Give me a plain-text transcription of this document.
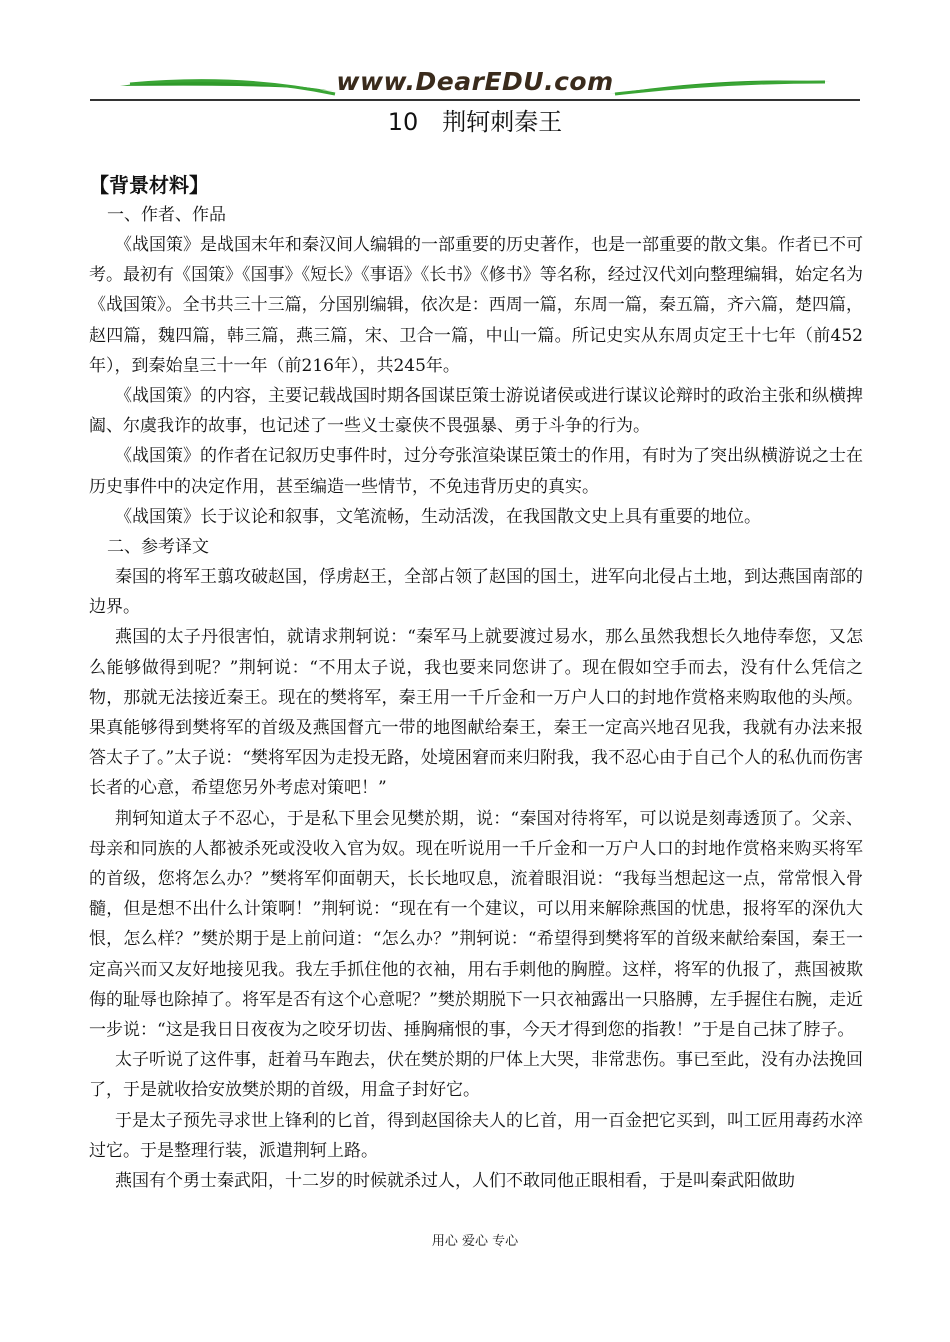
www.DearEDU.com
10　荆轲刺秦王
【背景材料】
一、作者、作品

《战国策》是战国末年和秦汉间人编辑的一部重要的历史著作，也是一部重要的散文集。作者已不可考。最初有《国策》《国事》《短长》《事语》《长书》《修书》等名称，经过汉代刘向整理编辑，始定名为《战国策》。全书共三十三篇，分国别编辑，依次是：西周一篇，东周一篇，秦五篇，齐六篇，楚四篇，赵四篇，魏四篇，韩三篇，燕三篇，宋、卫合一篇，中山一篇。所记史实从东周贞定王十七年（前452年），到秦始皇三十一年（前216年），共245年。

《战国策》的内容，主要记载战国时期各国谋臣策士游说诸侯或进行谋议论辩时的政治主张和纵横捭阖、尔虞我诈的故事，也记述了一些义士豪侠不畏强暴、勇于斗争的行为。

《战国策》的作者在记叙历史事件时，过分夸张渲染谋臣策士的作用，有时为了突出纵横游说之士在历史事件中的决定作用，甚至编造一些情节，不免违背历史的真实。

《战国策》长于议论和叙事，文笔流畅，生动活泼，在我国散文史上具有重要的地位。

二、参考译文

秦国的将军王翦攻破赵国，俘虏赵王，全部占领了赵国的国土，进军向北侵占土地，到达燕国南部的边界。

燕国的太子丹很害怕，就请求荆轲说：“秦军马上就要渡过易水，那么虽然我想长久地侍奉您，又怎么能够做得到呢？”荆轲说：“不用太子说，我也要来同您讲了。现在假如空手而去，没有什么凭信之物，那就无法接近秦王。现在的樊将军，秦王用一千斤金和一万户人口的封地作赏格来购取他的头颅。果真能够得到樊将军的首级及燕国督亢一带的地图献给秦王，秦王一定高兴地召见我，我就有办法来报答太子了。”太子说：“樊将军因为走投无路，处境困窘而来归附我，我不忍心由于自己个人的私仇而伤害长者的心意，希望您另外考虑对策吧！”

荆轲知道太子不忍心，于是私下里会见樊於期，说：“秦国对待将军，可以说是刻毒透顶了。父亲、母亲和同族的人都被杀死或没收入官为奴。现在听说用一千斤金和一万户人口的封地作赏格来购买将军的首级，您将怎么办？”樊将军仰面朝天，长长地叹息，流着眼泪说：“我每当想起这一点，常常恨入骨髓，但是想不出什么计策啊！”荆轲说：“现在有一个建议，可以用来解除燕国的忧患，报将军的深仇大恨，怎么样？”樊於期于是上前问道：“怎么办？”荆轲说：“希望得到樊将军的首级来献给秦国，秦王一定高兴而又友好地接见我。我左手抓住他的衣袖，用右手刺他的胸膛。这样，将军的仇报了，燕国被欺侮的耻辱也除掉了。将军是否有这个心意呢？”樊於期脱下一只衣袖露出一只胳膊，左手握住右腕，走近一步说：“这是我日日夜夜为之咬牙切齿、捶胸痛恨的事，今天才得到您的指教！”于是自己抹了脖子。

太子听说了这件事，赶着马车跑去，伏在樊於期的尸体上大哭，非常悲伤。事已至此，没有办法挽回了，于是就收拾安放樊於期的首级，用盒子封好它。

于是太子预先寻求世上锋利的匕首，得到赵国徐夫人的匕首，用一百金把它买到，叫工匠用毒药水淬过它。于是整理行装，派遣荆轲上路。

燕国有个勇士秦武阳，十二岁的时候就杀过人，人们不敢同他正眼相看，于是叫秦武阳做助

用心 爱心 专心
